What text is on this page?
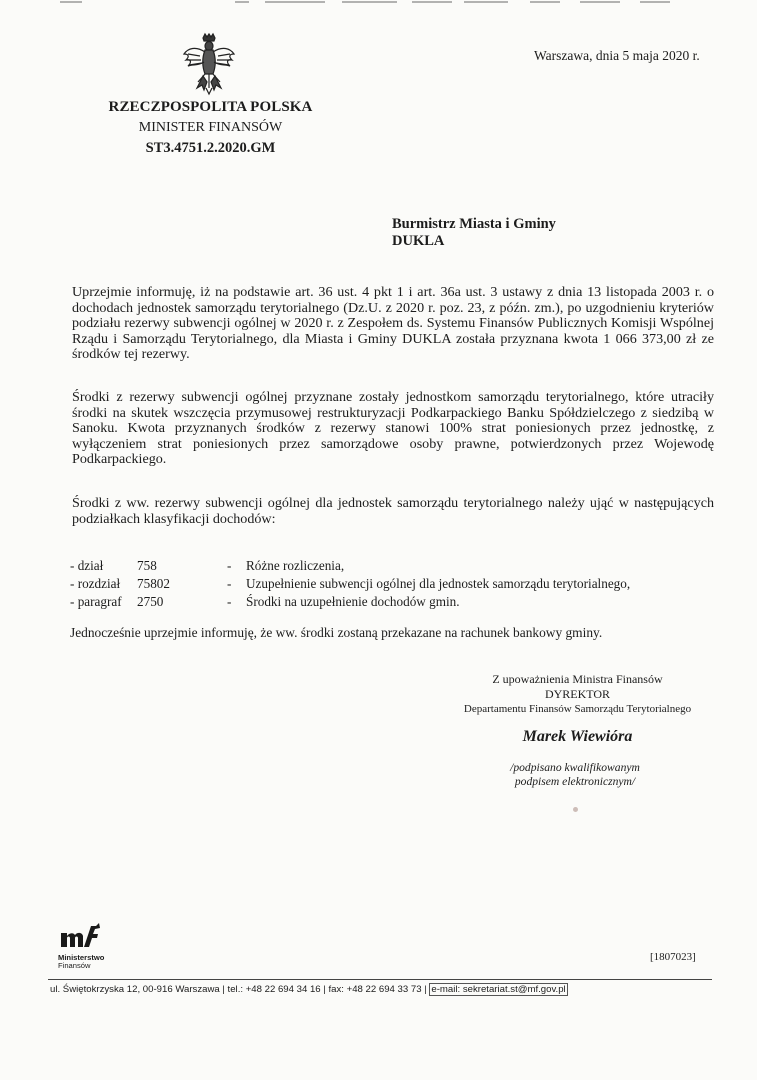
Warszawa, dnia 5 maja 2020 r.
RZECZPOSPOLITA POLSKA
MINISTER FINANSÓW
ST3.4751.2.2020.GM
Burmistrz Miasta i Gminy
DUKLA
Uprzejmie informuję, iż na podstawie art. 36 ust. 4 pkt 1 i art. 36a ust. 3 ustawy z dnia 13 listopada 2003 r. o dochodach jednostek samorządu terytorialnego (Dz.U. z 2020 r. poz. 23, z późn. zm.), po uzgodnieniu kryteriów podziału rezerwy subwencji ogólnej w 2020 r. z Zespołem ds. Systemu Finansów Publicznych Komisji Wspólnej Rządu i Samorządu Terytorialnego, dla Miasta i Gminy DUKLA została przyznana kwota 1 066 373,00 zł ze środków tej rezerwy.
Środki z rezerwy subwencji ogólnej przyznane zostały jednostkom samorządu terytorialnego, które utraciły środki na skutek wszczęcia przymusowej restrukturyzacji Podkarpackiego Banku Spółdzielczego z siedzibą w Sanoku. Kwota przyznanych środków z rezerwy stanowi 100% strat poniesionych przez jednostkę, z wyłączeniem strat poniesionych przez samorządowe osoby prawne, potwierdzonych przez Wojewodę Podkarpackiego.
Środki z ww. rezerwy subwencji ogólnej dla jednostek samorządu terytorialnego należy ująć w następujących podziałkach klasyfikacji dochodów:
- dział	758	- Różne rozliczenia,
- rozdział 75802	- Uzupełnienie subwencji ogólnej dla jednostek samorządu terytorialnego,
- paragraf 2750	- Środki na uzupełnienie dochodów gmin.
Jednocześnie uprzejmie informuję, że ww. środki zostaną przekazane na rachunek bankowy gminy.
Z upoważnienia Ministra Finansów
DYREKTOR
Departamentu Finansów Samorządu Terytorialnego
Marek Wiewióra
/podpisano kwalifikowanym
podpisem elektronicznym/
Ministerstwo
Finansów
[1807023]
ul. Świętokrzyska 12, 00-916 Warszawa | tel.: +48 22 694 34 16 | fax: +48 22 694 33 73 | e-mail: sekretariat.st@mf.gov.pl
